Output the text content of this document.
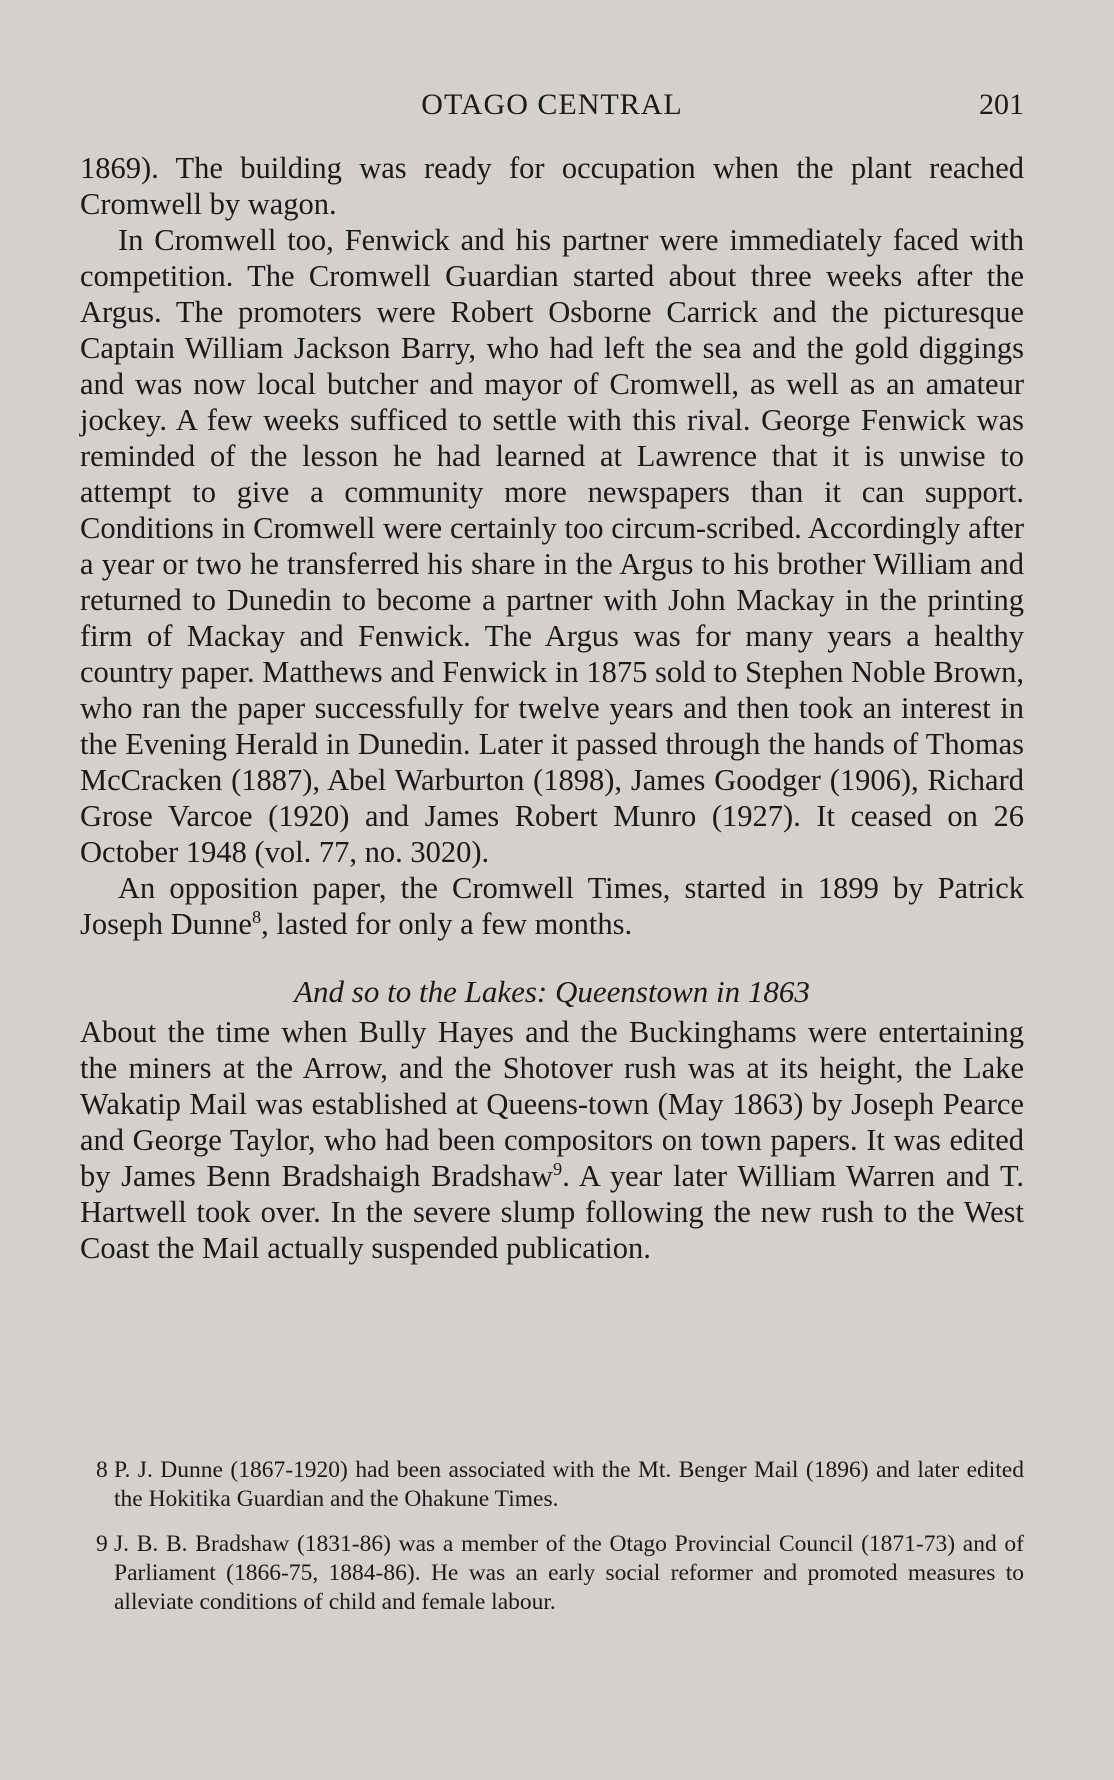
OTAGO CENTRAL	201

1869). The building was ready for occupation when the plant reached Cromwell by wagon.

In Cromwell too, Fenwick and his partner were immediately faced with competition. The Cromwell Guardian started about three weeks after the Argus. The promoters were Robert Osborne Carrick and the picturesque Captain William Jackson Barry, who had left the sea and the gold diggings and was now local butcher and mayor of Cromwell, as well as an amateur jockey. A few weeks sufficed to settle with this rival. George Fenwick was reminded of the lesson he had learned at Lawrence that it is unwise to attempt to give a community more newspapers than it can support. Conditions in Cromwell were certainly too circum-scribed. Accordingly after a year or two he transferred his share in the Argus to his brother William and returned to Dunedin to become a partner with John Mackay in the printing firm of Mackay and Fenwick. The Argus was for many years a healthy country paper. Matthews and Fenwick in 1875 sold to Stephen Noble Brown, who ran the paper successfully for twelve years and then took an interest in the Evening Herald in Dunedin. Later it passed through the hands of Thomas McCracken (1887), Abel Warburton (1898), James Goodger (1906), Richard Grose Varcoe (1920) and James Robert Munro (1927). It ceased on 26 October 1948 (vol. 77, no. 3020).

An opposition paper, the Cromwell Times, started in 1899 by Patrick Joseph Dunne$^8$, lasted for only a few months.

And so to the Lakes: Queenstown in 1863

About the time when Bully Hayes and the Buckinghams were entertaining the miners at the Arrow, and the Shotover rush was at its height, the Lake Wakatip Mail was established at Queens-town (May 1863) by Joseph Pearce and George Taylor, who had been compositors on town papers. It was edited by James Benn Bradshaigh Bradshaw$^9$. A year later William Warren and T. Hartwell took over. In the severe slump following the new rush to the West Coast the Mail actually suspended publication.

8 P. J. Dunne (1867-1920) had been associated with the Mt. Benger Mail (1896) and later edited the Hokitika Guardian and the Ohakune Times.
9 J. B. B. Bradshaw (1831-86) was a member of the Otago Provincial Council (1871-73) and of Parliament (1866-75, 1884-86). He was an early social reformer and promoted measures to alleviate conditions of child and female labour.
